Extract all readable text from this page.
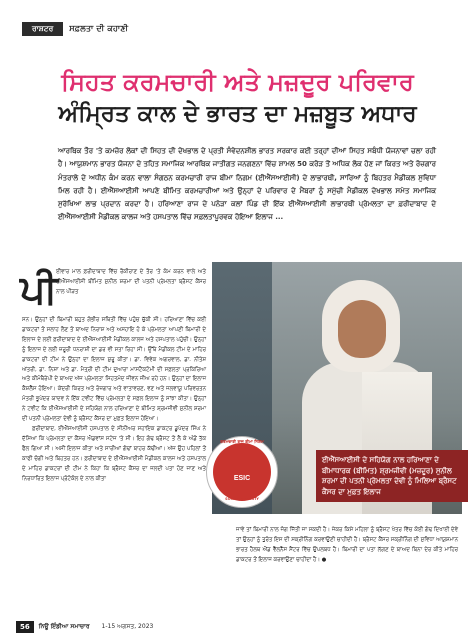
ਰਾਸ਼ਟਰ	ਸਫ਼ਲਤਾ ਦੀ ਕਹਾਣੀ
ਸਿਹਤ ਕਰਮਚਾਰੀ ਅਤੇ ਮਜ਼ਦੂਰ ਪਰਿਵਾਰ
ਅੰਮ੍ਰਿਤ ਕਾਲ ਦੇ ਭਾਰਤ ਦਾ ਮਜ਼ਬੂਤ ਅਧਾਰ
ਆਰਥਿਕ ਤੌਰ 'ਤੇ ਕਮਜ਼ੋਰ ਲੋਕਾਂ ਦੀ ਸਿਹਤ ਦੀ ਦੇਖਭਾਲ ਦੇ ਪ੍ਰਤੀ ਸੰਵੇਦਨਸ਼ੀਲ ਭਾਰਤ ਸਰਕਾਰ ਕਈ ਤਰ੍ਹਾਂ ਦੀਆਂ ਸਿਹਤ ਸਬੰਧੀ ਯੋਜਨਾਵਾਂ ਚਲਾ ਰਹੀ ਹੈ। ਆਯੁਸ਼ਮਾਨ ਭਾਰਤ ਯੋਜਨਾ ਦੇ ਤਹਿਤ ਸਮਾਜਿਕ ਆਰਥਿਕ ਜਾਤੀਗਤ ਜਨਗਣਨਾ ਵਿੱਚ ਸ਼ਾਮਲ 50 ਕਰੋੜ ਤੋਂ ਅਧਿਕ ਲੋਕ ਹੋਣ ਜਾਂ ਕਿਰਤ ਅਤੇ ਰੋਜ਼ਗਾਰ ਮੰਤਰਾਲੇ ਦੇ ਅਧੀਨ ਕੰਮ ਕਰਨ ਵਾਲਾ ਸੰਗਠਨ ਕਰਮਚਾਰੀ ਰਾਜ ਬੀਮਾ ਨਿਗਮ (ਈਐੱਸਆਈਸੀ) ਦੇ ਲਾਭਾਰਥੀ, ਸਾਰਿਆਂ ਨੂੰ ਬਿਹਤਰ ਮੈਡੀਕਲ ਸੁਵਿਧਾ ਮਿਲ ਰਹੀ ਹੈ। ਈਐੱਸਆਈਸੀ ਆਪਣੇ ਬੀਮਿਤ ਕਰਮਚਾਰੀਆਂ ਅਤੇ ਉਨ੍ਹਾਂ ਦੇ ਪਰਿਵਾਰ ਦੇ ਮੈਂਬਰਾਂ ਨੂੰ ਸਮੁੱਚੀ ਮੈਡੀਕਲ ਦੇਖਭਾਲ ਸਮੇਤ ਸਮਾਜਿਕ ਸੁਰੱਖਿਆ ਲਾਭ ਪ੍ਰਦਾਨ ਕਰਦਾ ਹੈ। ਹਰਿਆਣਾ ਰਾਜ ਦੇ ਪਨੇੜਾ ਕਲਾਂ ਪਿੰਡ ਦੀ ਇੱਕ ਈਐੱਸਆਈਸੀ ਲਾਭਾਰਥੀ ਪ੍ਰੇਮਲਤਾ ਦਾ ਫ਼ਰੀਦਾਬਾਦ ਦੇ ਈਐੱਸਆਈਸੀ ਮੈਡੀਕਲ ਕਾਲਜ ਅਤੇ ਹਸਪਤਾਲ ਵਿੱਚ ਸਫ਼ਲਤਾਪੂਰਵਕ ਹੋਇਆ ਇਲਾਜ ...
ਪੀ
ਈਵਾਰ ਮਾਲ ਫ਼ਰੀਦਾਬਾਦ ਵਿੱਚ ਰੌਕੀਰਾਣ ਦੇ ਤੌਰ 'ਤੇ ਕੰਮ ਕਰਨ ਵਾਲੇ ਅਤੇ ਈਐੱਸਆਈਸੀ ਬੀਮਿਤ ਸੁਨੀਲ ਸ਼ਰਮਾ ਦੀ ਪਤਨੀ ਪ੍ਰੇਮਲਤਾ ਬ੍ਰੈਸਟ ਕੈਂਸਰ ਨਾਲ ਪੀੜਤ

ਸਨ। ਉਨ੍ਹਾਂ ਦੀ ਬਿਮਾਰੀ ਬਹੁਤ ਗੰਭੀਰ ਸਥਿਤੀ ਵਿੱਚ ਪਹੁੰਚ ਚੁੱਕੀ ਸੀ। ਹਰਿਆਣਾ ਵਿੱਚ ਕਈ ਡਾਕਟਰਾਂ ਤੋਂ ਸਲਾਹ ਲੈਣ ਤੋਂ ਬਾਅਦ ਨਿਰਾਸ਼ ਅਤੇ ਅਸਹਾਇ ਹੋ ਕੇ ਪ੍ਰੇਮਲਤਾ ਆਪਣੀ ਬਿਮਾਰੀ ਦੇ ਇਲਾਜ ਦੇ ਲਈ ਫ਼ਰੀਦਾਬਾਦ ਦੇ ਈਐੱਸਆਈਸੀ ਮੈਡੀਕਲ ਕਾਲਜ ਅਤੇ ਹਸਪਤਾਲ ਪਹੁੰਚੀ। ਉਨ੍ਹਾਂ ਨੂੰ ਇਲਾਜ ਦੇ ਲਈ ਜ਼ਰੂਰੀ ਧਨਰਾਸ਼ੀ ਦਾ ਡਰ ਵੀ ਸਤਾ ਰਿਹਾ ਸੀ। ਉੱਥੇ ਮੈਡੀਕਲ ਟੀਮ ਦੇ ਮਾਹਿਰ ਡਾਕਟਰਾਂ ਦੀ ਟੀਮ ਨੇ ਉਨ੍ਹਾਂ ਦਾ ਇਲਾਜ ਸ਼ੁਰੂ ਕੀਤਾ। ਡਾ. ਵਿਵੇਕ ਅਗਰਵਾਲ, ਡਾ. ਨੀਤੇਸ਼ ਅੱਤਰੀ, ਡਾ. ਨਿਸ਼ਾ ਅਤੇ ਡਾ. ਮੈਤ੍ਰੀ ਦੀ ਟੀਮ ਦੁਆਰਾ ਮਾਸਟੈਕਟੋਮੀ ਦੀ ਸਫ਼ਲਤਾ ਪ੍ਰਕਿਰਿਆ ਅਤੇ ਕੀਮੋਥੈਰੇਪੀ ਦੇ ਬਾਅਦ ਅੱਜ ਪ੍ਰੇਮਲਤਾ ਸਿਹਤਮੰਦ ਜੀਵਨ ਜੀਅ ਰਹੇ ਹਨ। ਉਨ੍ਹਾਂ ਦਾ ਇਲਾਜ ਕੈਸ਼ਲੈੱਸ ਹੋਇਆ। ਕੇਂਦਰੀ ਕਿਰਤ ਅਤੇ ਰੋਜ਼ਗਾਰ ਅਤੇ ਵਾਤਾਵਰਣ, ਵਣ ਅਤੇ ਜਲਵਾਯੂ ਪਰਿਵਰਤਨ ਮੰਤਰੀ ਭੂਪੇਂਦਰ ਯਾਦਵ ਨੇ ਇੱਕ ਟਵੀਟ ਵਿੱਚ ਪ੍ਰੇਮਲਤਾ ਦੇ ਸਫ਼ਲ ਇਲਾਜ ਨੂੰ ਸਾਂਝਾ ਕੀਤਾ। ਉਨ੍ਹਾਂ ਨੇ ਟਵੀਟ ਕਿ ਈਐੱਸਆਈਸੀ ਦੇ ਸਹਿਯੋਗ ਨਾਲ ਹਰਿਆਣਾ ਦੇ ਬੀਮਿਤ ਸ਼੍ਰਮਜੀਵੀ ਸੁਨੀਲ ਸ਼ਰਮਾ ਦੀ ਪਤਨੀ ਪ੍ਰੇਮਲਤਾ ਦੇਵੀ ਨੂੰ ਬ੍ਰੈਸਟ ਕੈਂਸਰ ਦਾ ਮੁਫ਼ਤ ਇਲਾਜ ਹੋਇਆ।

ਫ਼ਰੀਦਾਬਾਦ, ਈਐੱਸਆਈਸੀ ਹਸਪਤਾਲ ਦੇ ਸੀਨੀਅਰ ਸਹਾਇਕ ਡਾਕਟਰ ਡੂਪੇਂਦਰ ਸਿੰਘ ਨੇ ਦੱਸਿਆ ਕਿ ਪ੍ਰੇਮਲਤਾ ਦਾ ਕੈਂਸਰ ਐਡਵਾਂਸ ਸਟੇਜ 'ਤੇ ਸੀ। ਇਹ ਗੰਢ ਬ੍ਰੈਸਟ ਤੋਂ ਲੈ ਕੇ ਅੰਡੋਂ ਤੱਕ ਫੈਲ ਗਿਆ ਸੀ। ਅਸੀਂ ਇਲਾਜ ਕੀਤਾ ਅਤੇ ਸਾਰੀਆਂ ਗੰਢਾਂ ਬਾਹਰ ਕੱਢੀਆਂ। ਅੱਜ ਉਹ ਪਹਿਲਾਂ ਤੋਂ ਕਾਫੀ ਚੰਗੀ ਅਤੇ ਬਿਹਤਰ ਹਨ। ਫ਼ਰੀਦਾਬਾਦ ਦੇ ਈਐੱਸਆਈਸੀ ਮੈਡੀਕਲ ਕਾਲਜ ਅਤੇ ਹਸਪਤਾਲ ਦੇ ਮਾਹਿਰ ਡਾਕਟਰਾਂ ਦੀ ਟੀਮ ਨੇ ਕਿਹਾ ਕਿ ਬ੍ਰੈਸਟ ਕੈਂਸਰ ਦਾ ਜਲਦੀ ਪਤਾ ਹੋਣ ਜਾਣ ਅਤੇ ਨਿਰਧਾਰਿਤ ਇਲਾਜ ਪ੍ਰੋਟੋਕੋਲ ਦੇ ਨਾਲ ਕੀਤਾ

ਕਰਮਚਾਰੀ ਰਾਜ ਬੀਮਾ ਨਿਗਮ
ESIC
SOCIAL SECURITY
ਈਐੱਸਆਈਸੀ ਦੇ ਸਹਿਯੋਗ ਨਾਲ ਹਰਿਆਣਾ ਦੇ ਬੀਮਾਧਾਰਕ (ਬੀਮਿਤ) ਸ਼੍ਰਮਜੀਵੀ (ਮਜ਼ਦੂਰ) ਸੁਨੀਲ ਸ਼ਰਮਾ ਦੀ ਪਤਨੀ ਪ੍ਰੇਮਲਤਾ ਦੇਵੀ ਨੂੰ ਮਿਲਿਆ ਬ੍ਰੈਸਟ ਕੈਂਸਰ ਦਾ ਮੁਫ਼ਤ ਇਲਾਜ
ਜਾਵੇ ਤਾਂ ਬਿਮਾਰੀ ਨਾਲ ਜੰਗ ਜਿੱਤੀ ਜਾ ਸਕਦੀ ਹੈ। ਜੇਕਰ ਕਿਸੇ ਮਹਿਲਾ ਨੂੰ ਬ੍ਰੈਸਟ ਖੇਤਰ ਵਿੱਚ ਕੋਈ ਗੰਢ ਦਿਖਾਈ ਦੇਵੇ ਤਾਂ ਉਨ੍ਹਾਂ ਨੂੰ ਤੁਰੰਤ ਇਸ ਦੀ ਸਕ੍ਰੀਨਿੰਗ ਕਰਵਾਉਣੀ ਚਾਹੀਦੀ ਹੈ। ਬ੍ਰੈਸਟ ਕੈਂਸਰ ਸਕ੍ਰੀਨਿੰਗ ਦੀ ਸੁਵਿਧਾ ਆਯੁਸ਼ਮਾਨ ਭਾਰਤ ਹੈਲਥ ਐਂਡ ਵੈੱਲਨੈੱਸ ਸੈਂਟਰ ਵਿੱਚ ਉਪਲਬਧ ਹੈ। ਬਿਮਾਰੀ ਦਾ ਪਤਾ ਲੱਗਣ ਦੇ ਬਾਅਦ ਬਿਨਾ ਦੇਰ ਕੀਤੇ ਮਾਹਿਰ ਡਾਕਟਰ ਤੋਂ ਇਲਾਜ ਕਰਵਾਉਣਾ ਚਾਹੀਦਾ ਹੈ। ●
56	ਨਿਊ ਇੰਡੀਆ ਸਮਾਚਾਰ 1-15 ਅਗਸਤ, 2023
